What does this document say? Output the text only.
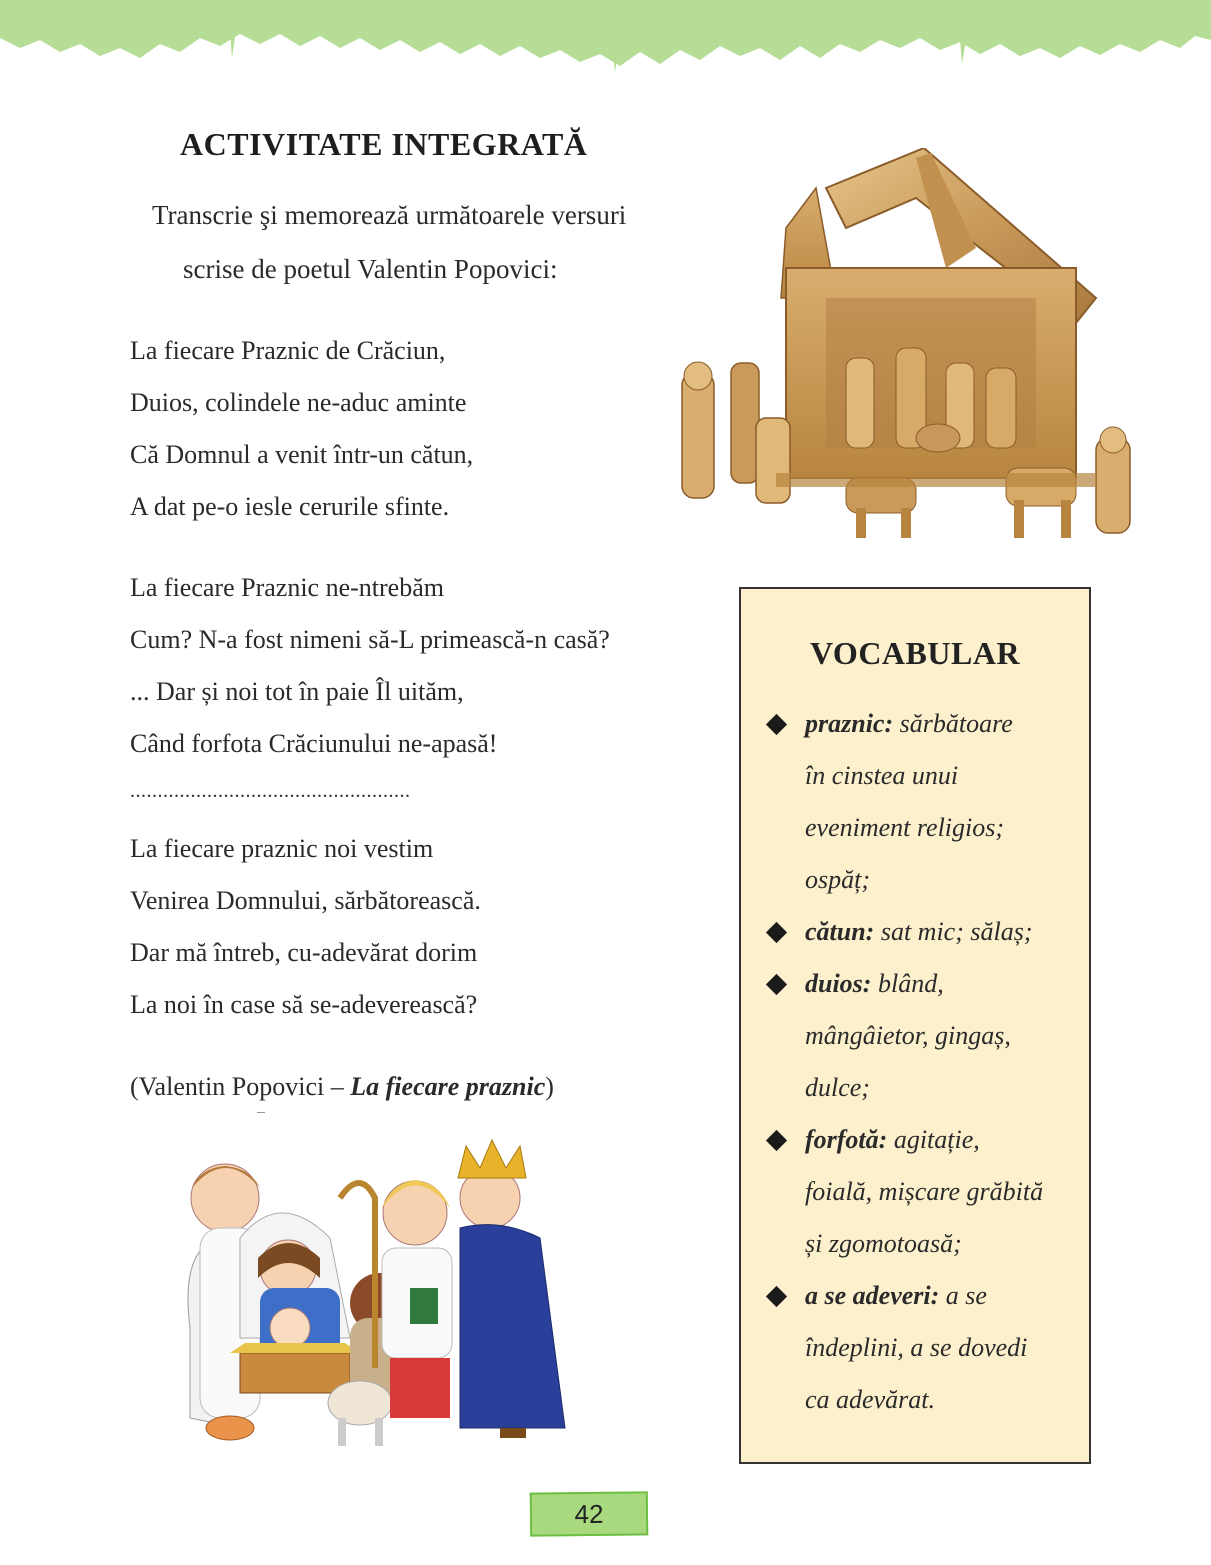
ACTIVITATE INTEGRATĂ
Transcrie şi memorează următoarele versuri
scrise de poetul Valentin Popovici:
La fiecare Praznic de Crăciun,
Duios, colindele ne-aduc aminte
Că Domnul a venit într-un cătun,
A dat pe-o iesle cerurile sfinte.
La fiecare Praznic ne-ntrebăm
Cum? N-a fost nimeni să-L primească-n casă?
... Dar și noi tot în paie Îl uităm,
Când forfota Crăciunului ne-apasă!
...................................................
La fiecare praznic noi vestim
Venirea Domnului, sărbătorească.
Dar mă întreb, cu-adevărat dorim
La noi în case să se-adeverească?
(Valentin Popovici – La fiecare praznic)
VOCABULAR
praznic: sărbătoare
în cinstea unui
eveniment religios;
ospăț;
cătun: sat mic; sălaș;
duios: blând,
mângâietor, gingaș,
dulce;
forfotă: agitație,
foială, mișcare grăbită
și zgomotoasă;
a se adeveri: a se
îndeplini, a se dovedi
ca adevărat.
42
